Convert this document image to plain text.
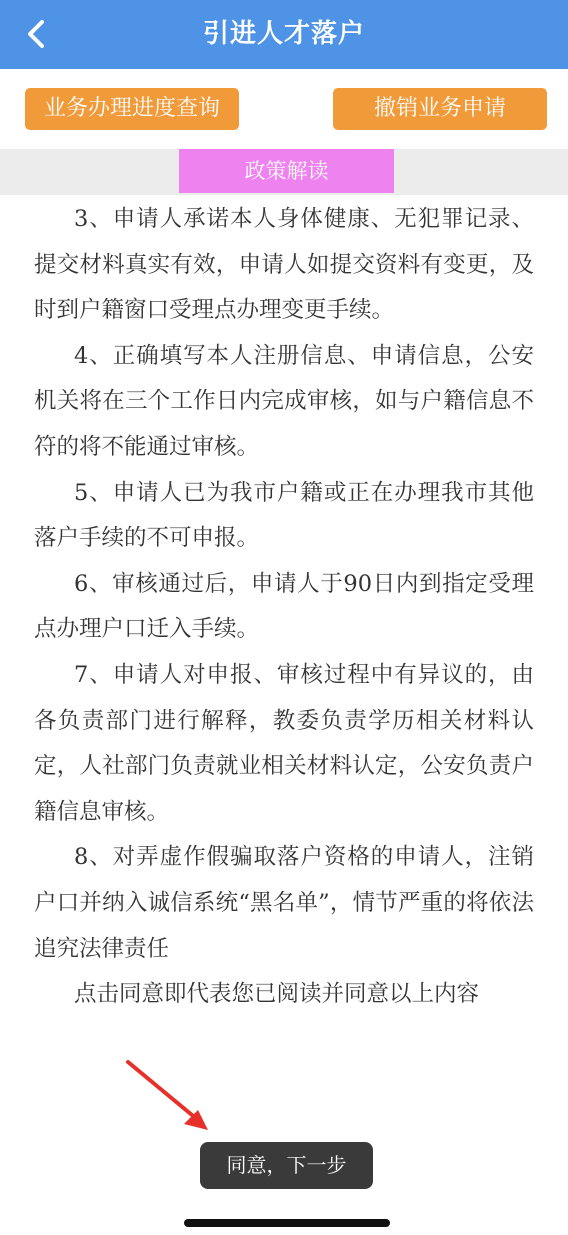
引进人才落户
业务办理进度查询	撤销业务申请
政策解读

3、申请人承诺本人身体健康、无犯罪记录、提交材料真实有效，申请人如提交资料有变更，及时到户籍窗口受理点办理变更手续。

4、正确填写本人注册信息、申请信息，公安机关将在三个工作日内完成审核，如与户籍信息不符的将不能通过审核。

5、申请人已为我市户籍或正在办理我市其他落户手续的不可申报。

6、审核通过后，申请人于90日内到指定受理点办理户口迁入手续。

7、申请人对申报、审核过程中有异议的，由各负责部门进行解释，教委负责学历相关材料认定，人社部门负责就业相关材料认定，公安负责户籍信息审核。

8、对弄虚作假骗取落户资格的申请人，注销户口并纳入诚信系统“黑名单”，情节严重的将依法追究法律责任

点击同意即代表您已阅读并同意以上内容

同意，下一步
